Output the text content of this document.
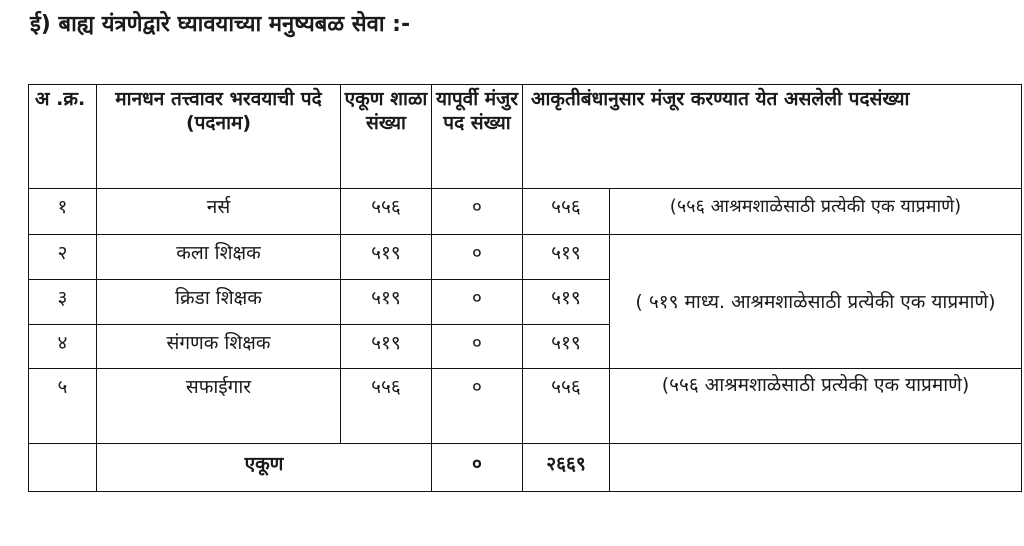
ई) बाह्य यंत्रणेद्वारे घ्यावयाच्या मनुष्यबळ सेवा :-
अ .क्र.	मानधन तत्त्वावर भरवयाची पदे (पदनाम)	एकूण शाळा संख्या	यापूर्वी मंजुर पद संख्या	आकृतीबंधानुसार मंजूर करण्यात येत असलेली पदसंख्या	
१	नर्स	५५६	०	५५६	(५५६ आश्रमशाळेसाठी प्रत्येकी एक याप्रमाणे)
२	कला शिक्षक	५१९	०	५१९	( ५१९ माध्य. आश्रमशाळेसाठी प्रत्येकी एक याप्रमाणे)
३	क्रिडा शिक्षक	५१९	०	५१९	
४	संगणक शिक्षक	५१९	०	५१९	
५	सफाईगार	५५६	०	५५६	(५५६ आश्रमशाळेसाठी प्रत्येकी एक याप्रमाणे)
	एकूण		०	२६६९	
